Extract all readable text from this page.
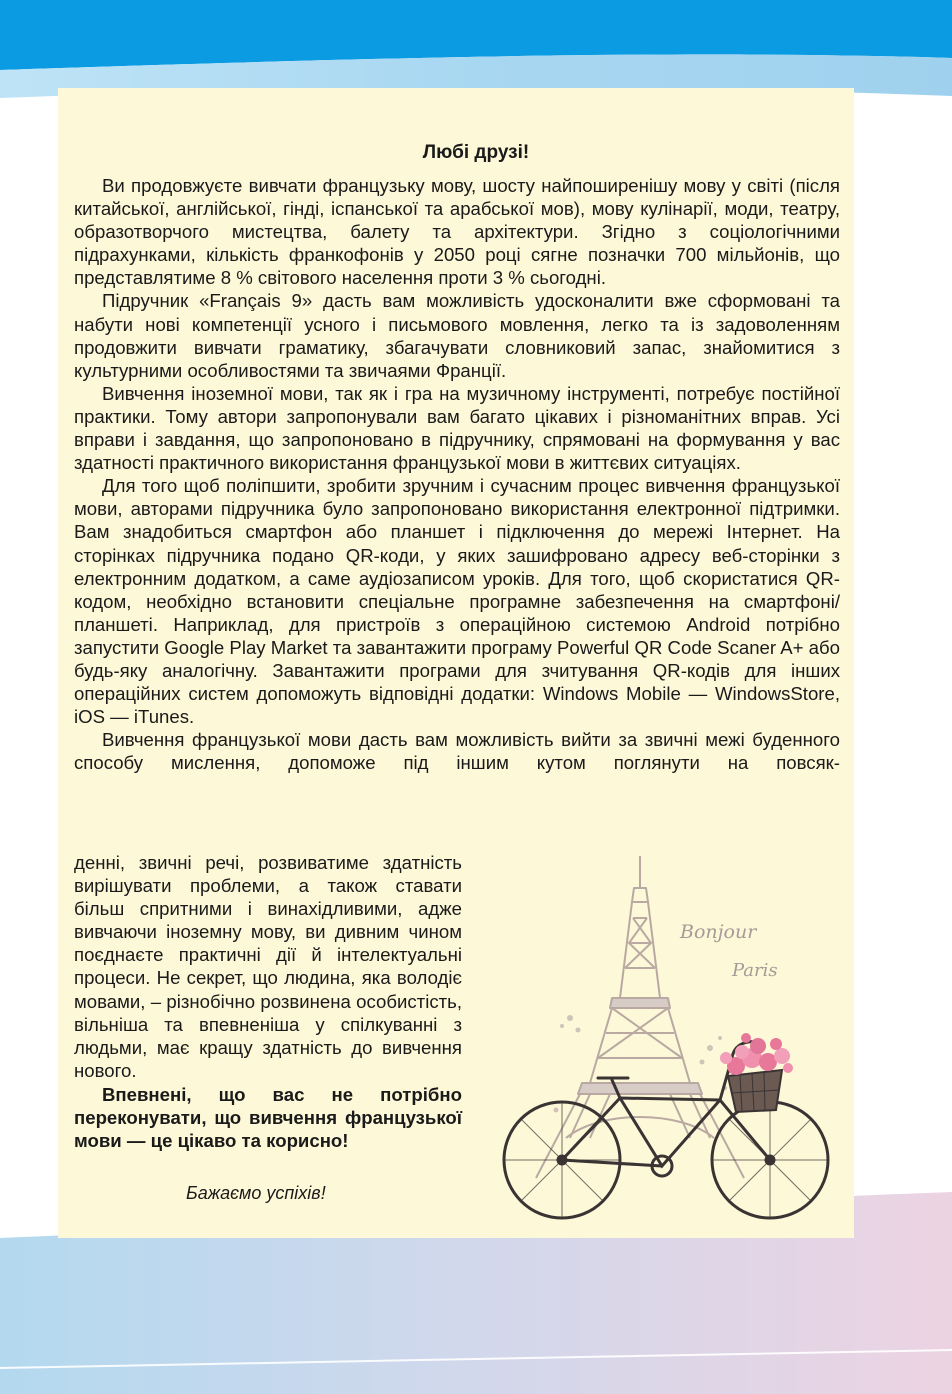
Любі друзі!

Ви продовжуєте вивчати французьку мову, шосту найпоширенішу мову у світі (після китайської, англійської, гінді, іспанської та арабської мов), мову кулінарії, моди, театру, образотворчого мистецтва, балету та архітектури. Згідно з соціологічними підрахунками, кількість франкофонів у 2050 році сягне позначки 700 мільйонів, що представлятиме 8 % світового населення проти 3 % сьогодні.

Підручник «Français 9» дасть вам можливість удосконалити вже сформовані та набути нові компетенції усного і письмового мовлення, легко та із задоволенням продовжити вивчати граматику, збагачувати словниковий запас, знайомитися з культурними особливостями та звичаями Франції.

Вивчення іноземної мови, так як і гра на музичному інструменті, потребує постійної практики. Тому автори запропонували вам багато цікавих і різноманітних вправ. Усі вправи і завдання, що запропоновано в підручнику, спрямовані на формування у вас здатності практичного використання французької мови в життєвих ситуаціях.

Для того щоб поліпшити, зробити зручним і сучасним процес вивчення французької мови, авторами підручника було запропоновано використання електронної підтримки. Вам знадобиться смартфон або планшет і підключення до мережі Інтернет. На сторінках підручника подано QR-коди, у яких зашифровано адресу веб-сторінки з електронним додатком, а саме аудіозаписом уроків. Для того, щоб скористатися QR-кодом, необхідно встановити спеціальне програмне забезпечення на смартфоні/планшеті. Наприклад, для пристроїв з операційною системою Android потрібно запустити Google Play Market та завантажити програму Powerful QR Code Scaner A+ або будь-яку аналогічну. Завантажити програми для зчитування QR-кодів для інших операційних систем допоможуть відповідні додатки: Windows Mobile — WindowsStore, iOS — iTunes.

Вивчення французької мови дасть вам можливість вийти за звичні межі буденного способу мислення, допоможе під іншим кутом поглянути на повсяк-

денні, звичні речі, розвиватиме здатність вирішувати проблеми, а також ставати більш спритними і винахідливими, адже вивчаючи іноземну мову, ви дивним чином поєднаєте практичні дії й інтелектуальні процеси. Не секрет, що людина, яка володіє мовами, – різнобічно розвинена особистість, вільніша та впевненіша у спілкуванні з людьми, має кращу здатність до вивчення нового.

Впевнені, що вас не потрібно переконувати, що вивчення французької мови — це цікаво та корисно!

Бажаємо успіхів!

Bonjour
Paris
